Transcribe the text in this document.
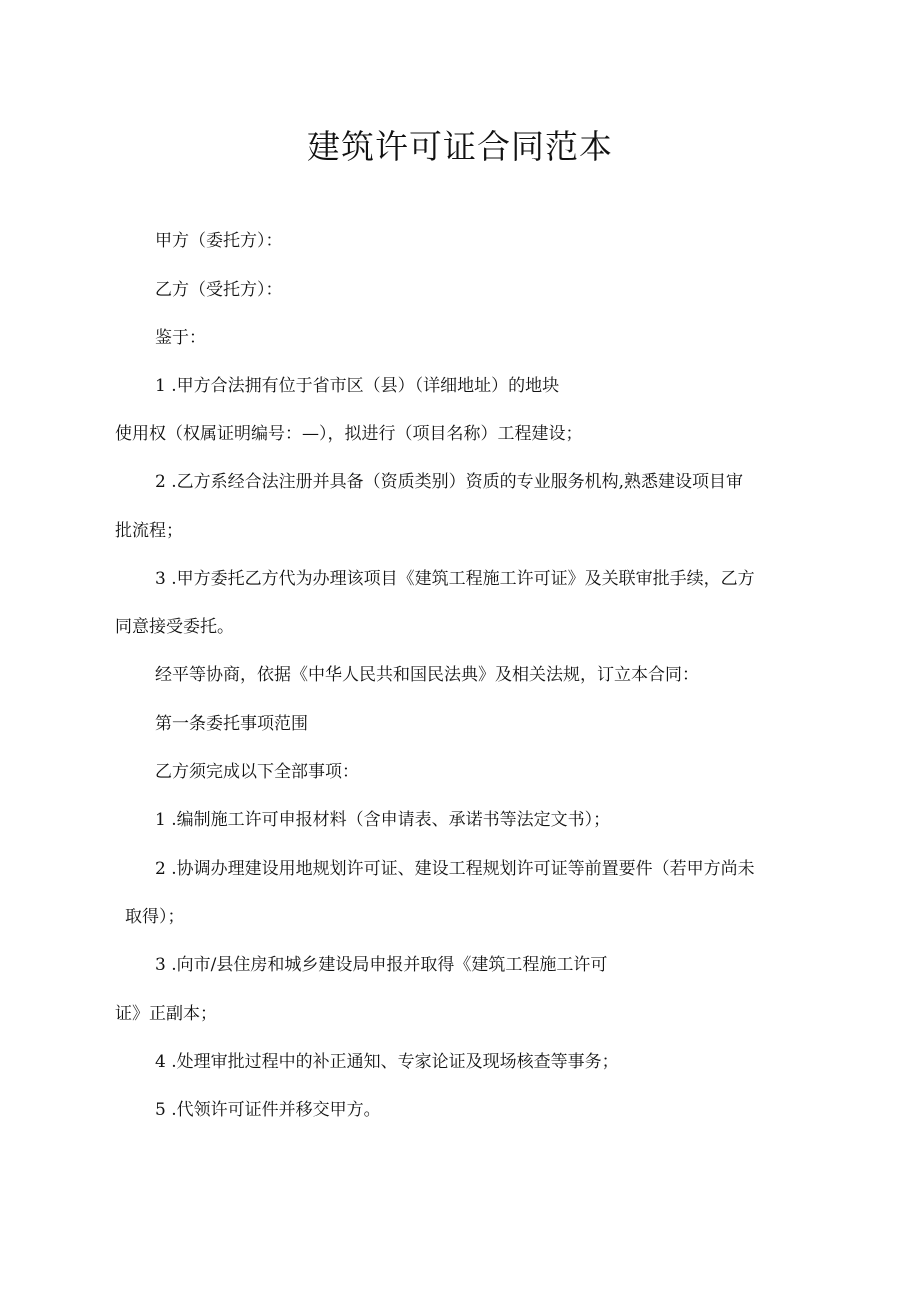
建筑许可证合同范本
甲方（委托方）：
乙方（受托方）：
鉴于：
1 .甲方合法拥有位于省市区（县）（详细地址）的地块
使用权（权属证明编号：—），拟进行（项目名称）工程建设；
2 .乙方系经合法注册并具备（资质类别）资质的专业服务机构,熟悉建设项目审
批流程；
3 .甲方委托乙方代为办理该项目《建筑工程施工许可证》及关联审批手续，乙方
同意接受委托。
经平等协商，依据《中华人民共和国民法典》及相关法规，订立本合同：
第一条委托事项范围
乙方须完成以下全部事项：
1 .编制施工许可申报材料（含申请表、承诺书等法定文书）；
2 .协调办理建设用地规划许可证、建设工程规划许可证等前置要件（若甲方尚未
取得）；
3 .向市/县住房和城乡建设局申报并取得《建筑工程施工许可
证》正副本；
4 .处理审批过程中的补正通知、专家论证及现场核查等事务；
5 .代领许可证件并移交甲方。
